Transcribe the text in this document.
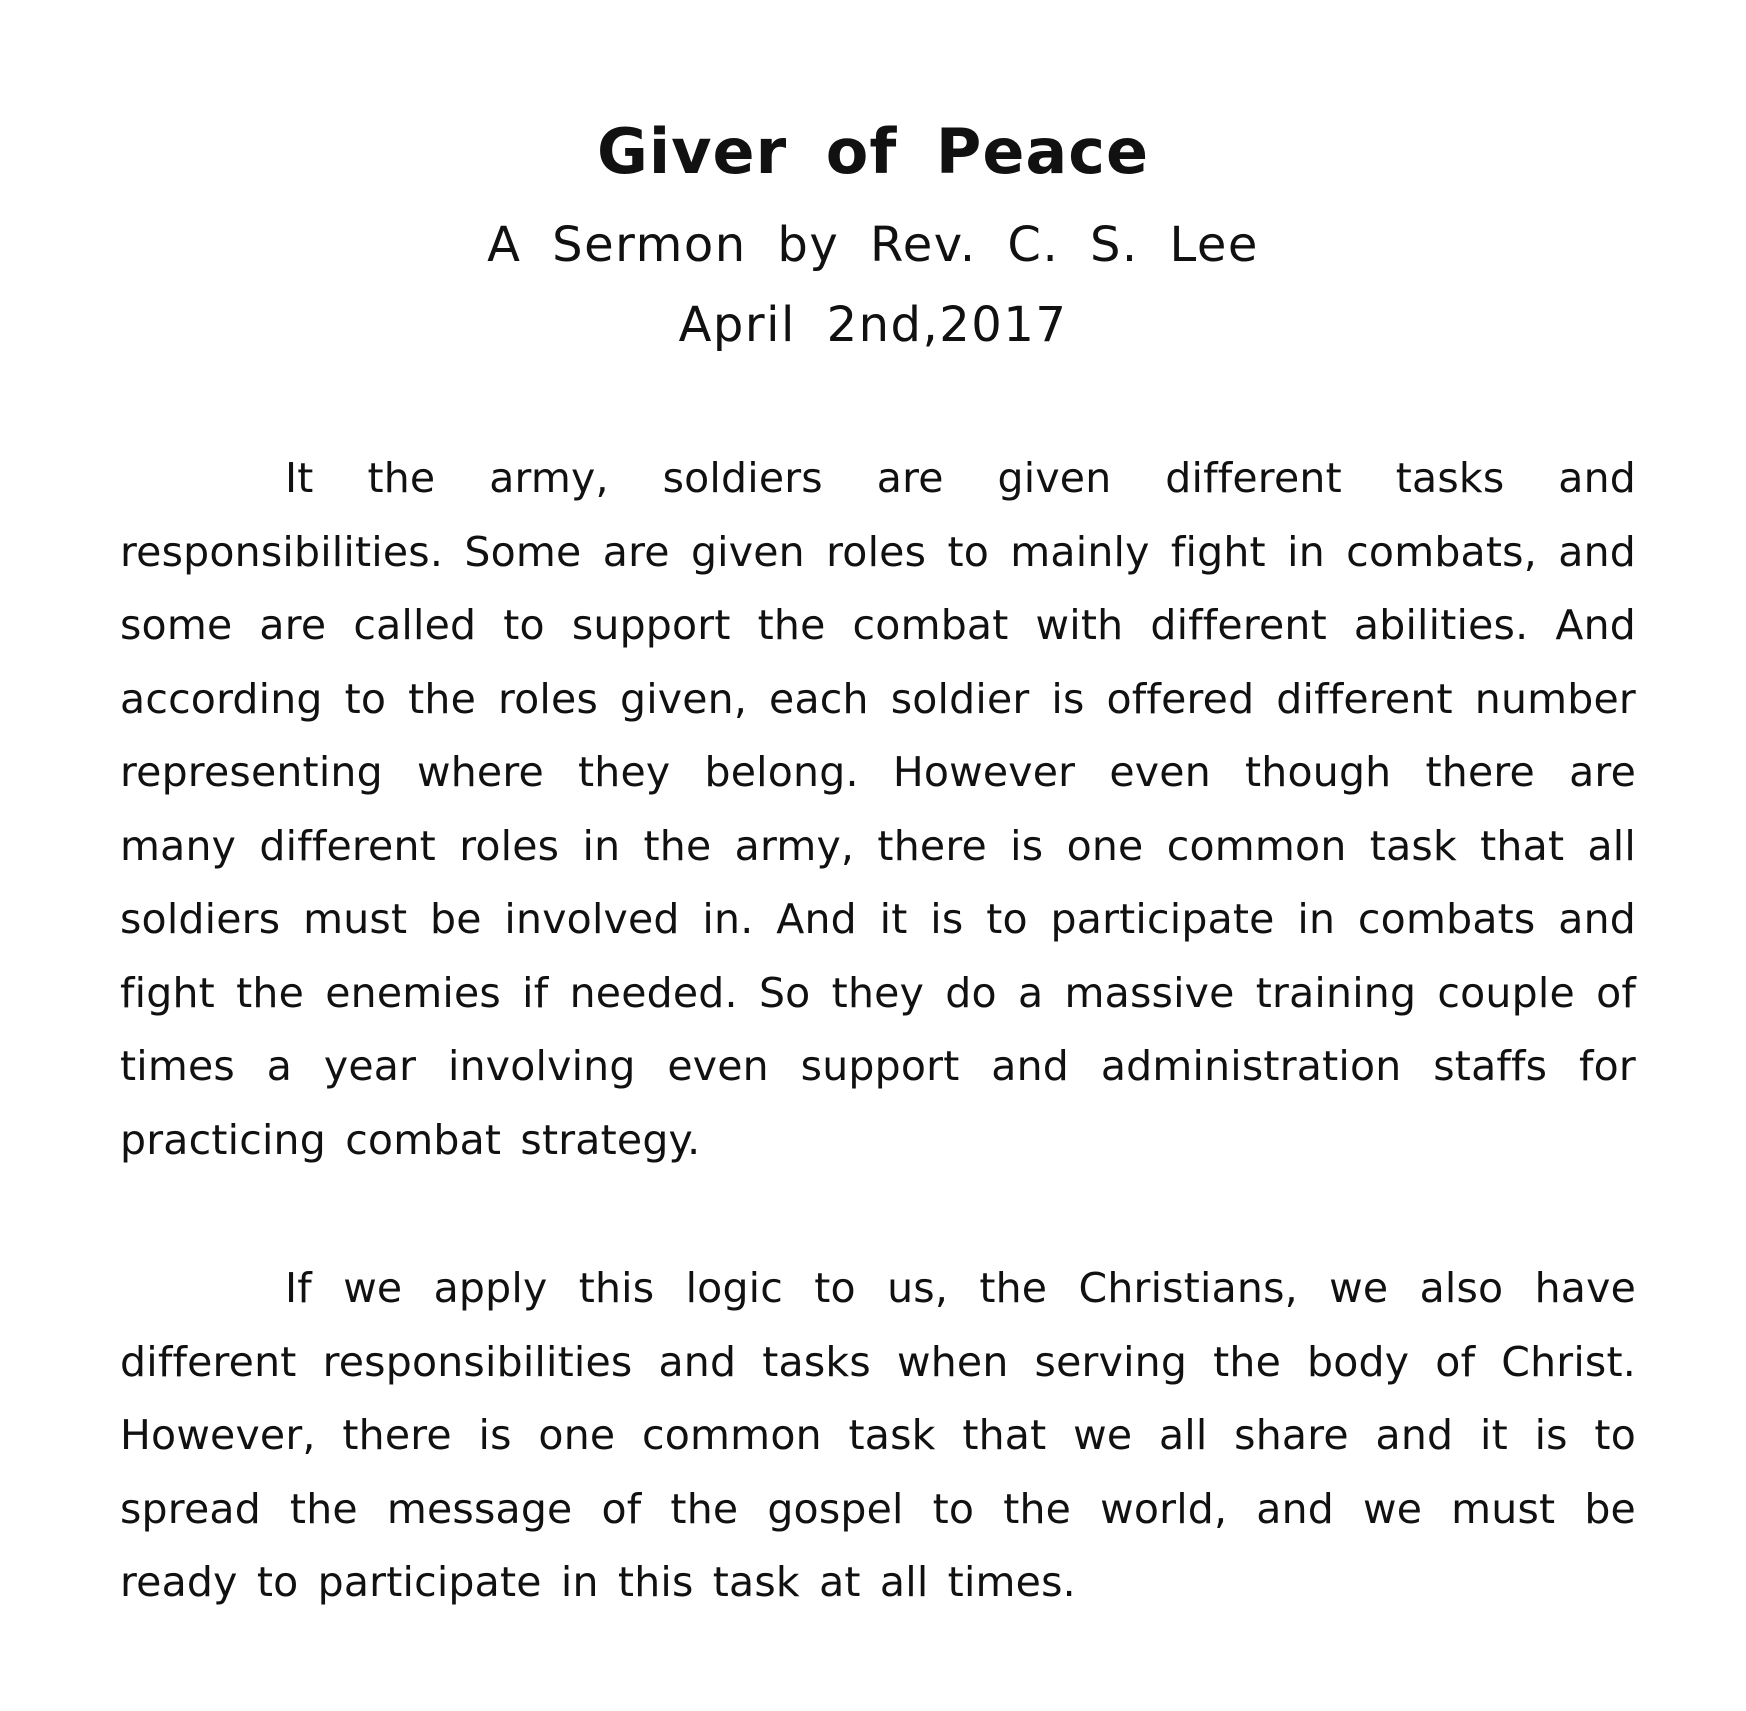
Giver of Peace

A Sermon by Rev. C. S. Lee

April 2nd,2017

It the army, soldiers are given different tasks and responsibilities. Some are given roles to mainly fight in combats, and some are called to support the combat with different abilities. And according to the roles given, each soldier is offered different number representing where they belong. However even though there are many different roles in the army, there is one common task that all soldiers must be involved in. And it is to participate in combats and fight the enemies if needed. So they do a massive training couple of times a year involving even support and administration staffs for practicing combat strategy.

If we apply this logic to us, the Christians, we also have different responsibilities and tasks when serving the body of Christ. However, there is one common task that we all share and it is to spread the message of the gospel to the world, and we must be ready to participate in this task at all times.
